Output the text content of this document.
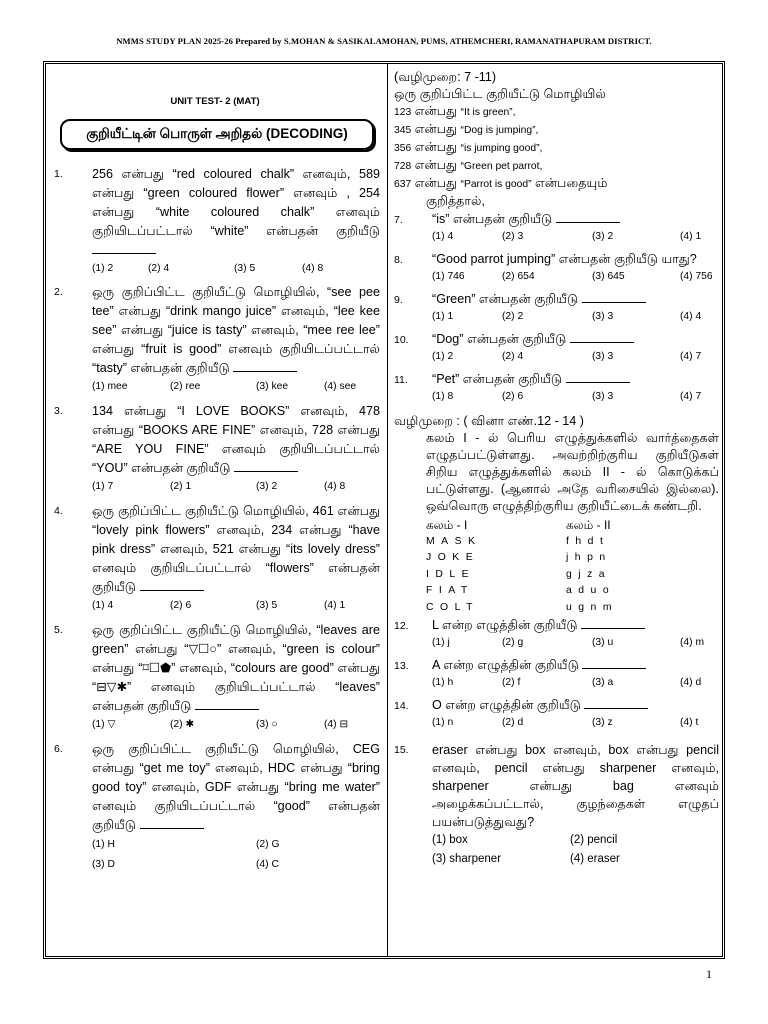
NMMS STUDY PLAN 2025-26 Prepared by S.MOHAN & SASIKALAMOHAN, PUMS, ATHEMCHERI, RAMANATHAPURAM DISTRICT.
UNIT TEST- 2 (MAT)
குறியீட்டின் பொருள் அறிதல் (DECODING)
1.	256 என்பது “red coloured chalk” எனவும், 589 என்பது “green coloured flower” எனவும் , 254 என்பது “white coloured chalk” எனவும் குறியிடப்பட்டால் “white” என்பதன் குறியீடு
(1) 2	(2) 4	(3) 5	(4) 8
2.	ஒரு குறிப்பிட்ட குறியீட்டு மொழியில், “see pee tee” என்பது “drink mango juice” எனவும், “lee kee see” என்பது “juice is tasty” எனவும், “mee ree lee” என்பது “fruit is good” எனவும் குறியிடப்பட்டால் “tasty” என்பதன் குறியீடு
(1) mee	(2) ree	(3) kee	(4) see
3.	134 என்பது “I LOVE BOOKS” எனவும், 478 என்பது “BOOKS ARE FINE” எனவும், 728 என்பது “ARE YOU FINE” எனவும் குறியிடப்பட்டால் “YOU” என்பதன் குறியீடு
(1) 7	(2) 1	(3) 2	(4) 8
4.	ஒரு குறிப்பிட்ட குறியீட்டு மொழியில், 461 என்பது “lovely pink flowers” எனவும், 234 என்பது “have pink dress” எனவும், 521 என்பது “its lovely dress” எனவும் குறியிடப்பட்டால் “flowers” என்பதன் குறியீடு
(1) 4	(2) 6	(3) 5	(4) 1
5.	ஒரு குறிப்பிட்ட குறியீட்டு மொழியில், “leaves are green” என்பது “▽☐○” எனவும், “green is colour” என்பது “⌑☐⬟” எனவும், “colours are good” என்பது “⊟▽✱” எனவும் குறியிடப்பட்டால் “leaves” என்பதன் குறியீடு
(1) ▽	(2) ✱	(3) ○	(4) ⊟
6.	ஒரு குறிப்பிட்ட குறியீட்டு மொழியில், CEG என்பது “get me toy” எனவும், HDC என்பது “bring good toy” எனவும், GDF என்பது “bring me water” எனவும் குறியிடப்பட்டால் “good” என்பதன் குறியீடு
(1) H	(2) G
(3) D	(4) C
(வழிமுறை: 7 -11)
ஒரு குறிப்பிட்ட குறியீட்டு மொழியில்
123 என்பது “It is green”,
345 என்பது “Dog is jumping”,
356 என்பது “is jumping good”,
728 என்பது “Green pet parrot,
637 என்பது “Parrot is good” என்பதையும்
குறித்தால்,
7.	“is” என்பதன் குறியீடு
(1) 4	(2) 3	(3) 2	(4) 1
8.	“Good parrot jumping” என்பதன் குறியீடு யாது?
(1) 746	(2) 654	(3) 645	(4) 756
9.	“Green” என்பதன் குறியீடு
(1) 1	(2) 2	(3) 3	(4) 4
10.	“Dog” என்பதன் குறியீடு
(1) 2	(2) 4	(3) 3	(4) 7
11.	“Pet” என்பதன் குறியீடு
(1) 8	(2) 6	(3) 3	(4) 7
வழிமுறை : ( வினா எண்.12 - 14 )
கலம் I - ல் பெரிய எழுத்துக்களில் வார்த்தைகள் எழுதப்பட்டுள்ளது. அவற்றிற்குரிய குறியீடுகள் சிறிய எழுத்துக்களில் கலம் II - ல் கொடுக்கப் பட்டுள்ளது. (ஆனால் அதே வரிசையில் இல்லை). ஒவ்வொரு எழுத்திற்குரிய குறியீட்டைக் கண்டறி.
கலம் - I	கலம் - II
MASK	fhdt
JOKE	jhpn
IDLE	gjza
FIAT	aduo
COLT	ugnm
12.	L என்ற எழுத்தின் குறியீடு
(1) j	(2) g	(3) u	(4) m
13.	A என்ற எழுத்தின் குறியீடு
(1) h	(2) f	(3) a	(4) d
14.	O என்ற எழுத்தின் குறியீடு
(1) n	(2) d	(3) z	(4) t
15.	eraser என்பது box எனவும், box என்பது pencil எனவும், pencil என்பது sharpener எனவும், sharpener என்பது bag எனவும் அழைக்கப்பட்டால், குழந்தைகள் எழுதப் பயன்படுத்துவது?
(1) box	(2) pencil
(3) sharpener	(4) eraser
1
